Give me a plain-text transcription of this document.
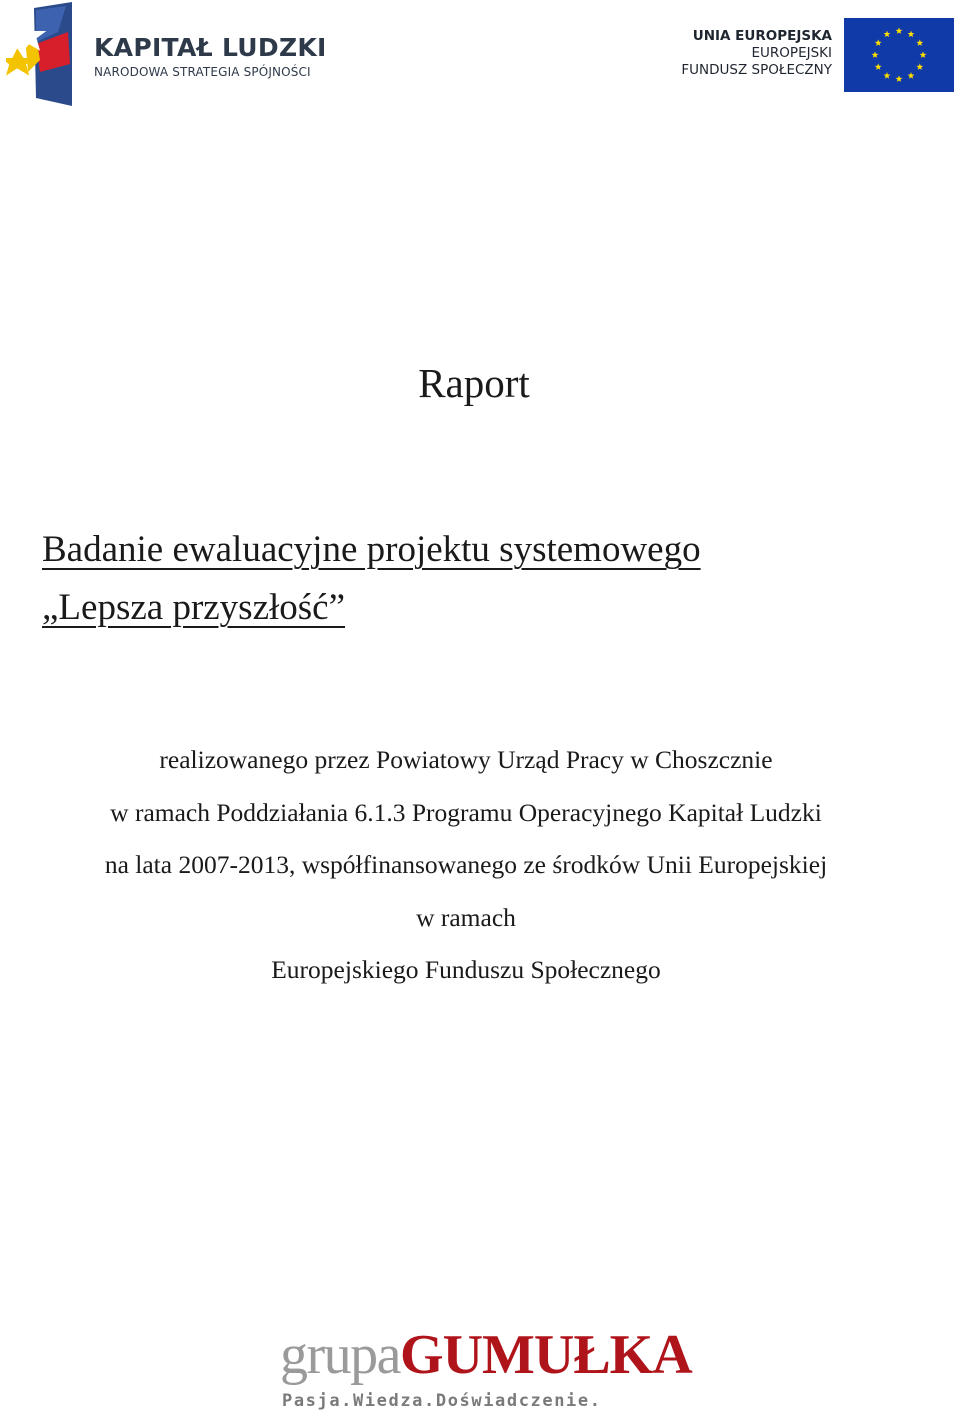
KAPITAŁ LUDZKI
NARODOWA STRATEGIA SPÓJNOŚCI
UNIA EUROPEJSKA
EUROPEJSKI
FUNDUSZ SPOŁECZNY
Raport
Badanie ewaluacyjne projektu systemowego
„Lepsza przyszłość”
realizowanego przez Powiatowy Urząd Pracy w Choszcznie
w ramach Poddziałania 6.1.3 Programu Operacyjnego Kapitał Ludzki
na lata 2007-2013, współfinansowanego ze środków Unii Europejskiej
w ramach
Europejskiego Funduszu Społecznego
grupaGUMUŁKA
Pasja.Wiedza.Doświadczenie.
